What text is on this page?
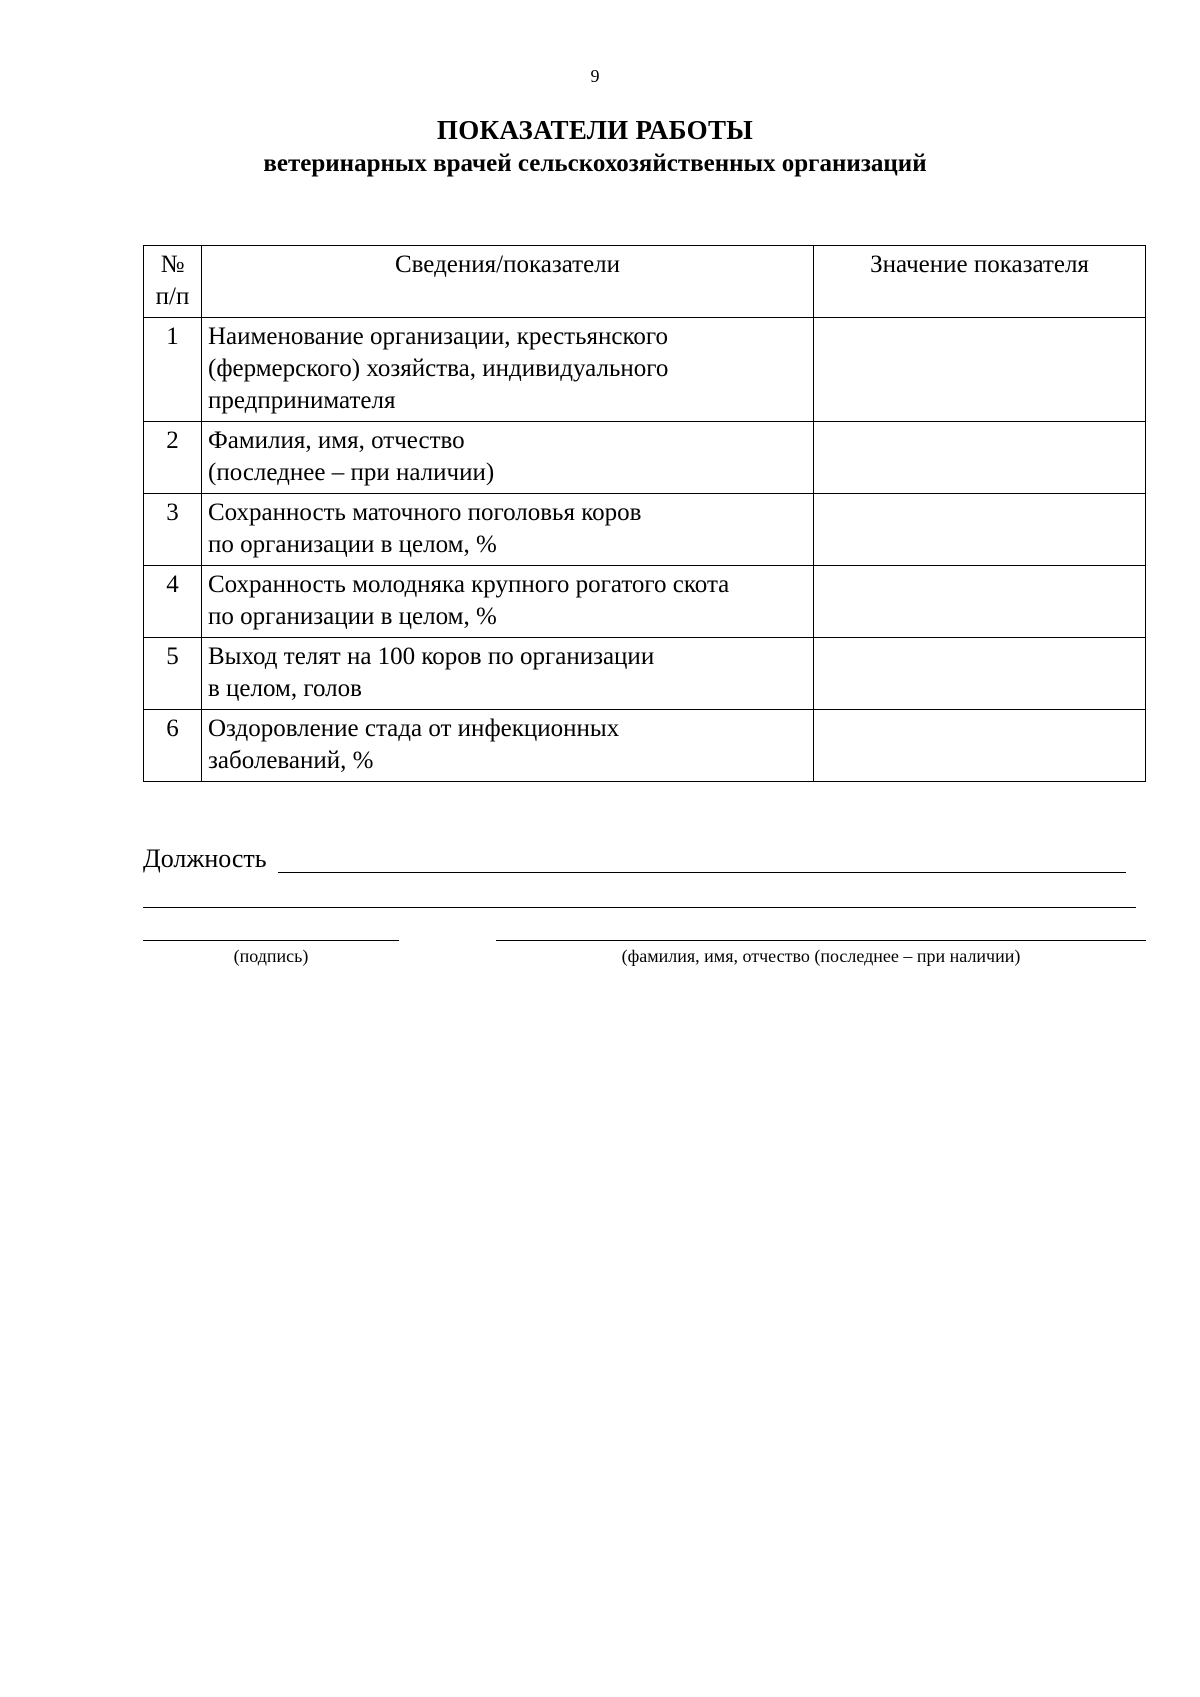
9
ПОКАЗАТЕЛИ РАБОТЫ
ветеринарных врачей сельскохозяйственных организаций
№ п/п	Сведения/показатели	Значение показателя
1	Наименование организации, крестьянского
(фермерского) хозяйства, индивидуального
предпринимателя	
2	Фамилия, имя, отчество
(последнее – при наличии)	
3	Сохранность маточного поголовья коров
по организации в целом, %	
4	Сохранность молодняка крупного рогатого скота
по организации в целом, %	
5	Выход телят на 100 коров по организации
в целом, голов	
6	Оздоровление стада от инфекционных
заболеваний, %	
Должность
(подпись)	(фамилия, имя, отчество (последнее – при наличии)
